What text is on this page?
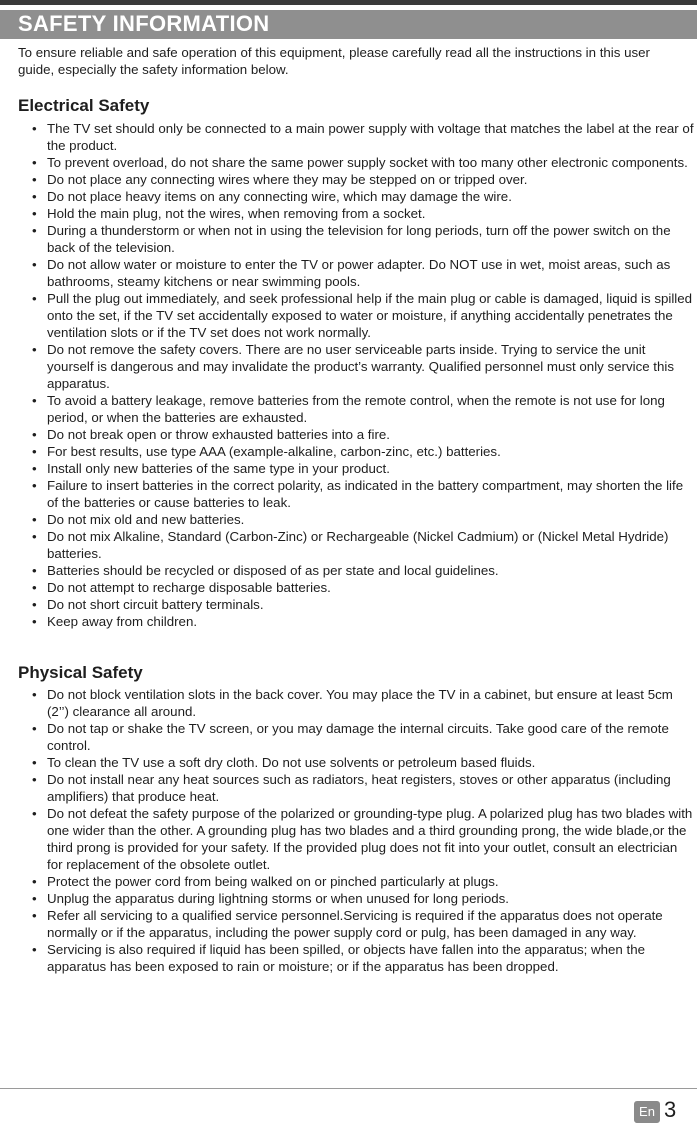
SAFETY INFORMATION

To ensure reliable and safe operation of this equipment, please carefully read all the instructions in this user guide, especially the safety information below.

Electrical Safety
• The TV set should only be connected to a main power supply with voltage that matches the label at the rear of the product.
• To prevent overload, do not share the same power supply socket with too many other electronic components.
• Do not place any connecting wires where they may be stepped on or tripped over.
• Do not place heavy items on any connecting wire, which may damage the wire.
• Hold the main plug, not the wires, when removing from a socket.
• During a thunderstorm or when not in using the television for long periods, turn off the power switch on the back of the television.
• Do not allow water or moisture to enter the TV or power adapter. Do NOT use in wet, moist areas, such as bathrooms, steamy kitchens or near swimming pools.
• Pull the plug out immediately, and seek professional help if the main plug or cable is damaged, liquid is spilled onto the set, if the TV set accidentally exposed to water or moisture, if anything accidentally penetrates the ventilation slots or if the TV set does not work normally.
• Do not remove the safety covers. There are no user serviceable parts inside. Trying to service the unit yourself is dangerous and may invalidate the product’s warranty. Qualified personnel must only service this apparatus.
• To avoid a battery leakage, remove batteries from the remote control, when the remote is not use for long period, or when the batteries are exhausted.
• Do not break open or throw exhausted batteries into a fire.
• For best results, use type AAA (example-alkaline, carbon-zinc, etc.) batteries.
• Install only new batteries of the same type in your product.
• Failure to insert batteries in the correct polarity, as indicated in the battery compartment, may shorten the life of the batteries or cause batteries to leak.
• Do not mix old and new batteries.
• Do not mix Alkaline, Standard (Carbon-Zinc) or Rechargeable (Nickel Cadmium) or (Nickel Metal Hydride) batteries.
• Batteries should be recycled or disposed of as per state and local guidelines.
• Do not attempt to recharge disposable batteries.
• Do not short circuit battery terminals.
• Keep away from children.
Physical Safety
• Do not block ventilation slots in the back cover. You may place the TV in a cabinet, but ensure at least 5cm (2’’) clearance all around.
• Do not tap or shake the TV screen, or you may damage the internal circuits. Take good care of the remote control.
• To clean the TV use a soft dry cloth. Do not use solvents or petroleum based fluids.
• Do not install near any heat sources such as radiators, heat registers, stoves or other apparatus (including amplifiers) that produce heat.
• Do not defeat the safety purpose of the polarized or grounding-type plug. A polarized plug has two blades with one wider than the other. A grounding plug has two blades and a third grounding prong, the wide blade,or the third prong is provided for your safety. If the provided plug does not fit into your outlet, consult an electrician for replacement of the obsolete outlet.
• Protect the power cord from being walked on or pinched particularly at plugs.
• Unplug the apparatus during lightning storms or when unused for long periods.
• Refer all servicing to a qualified service personnel.Servicing is required if the apparatus does not operate normally or if the apparatus, including the power supply cord or pulg, has been damaged in any way.
• Servicing is also required if liquid has been spilled, or objects have fallen into the apparatus; when the apparatus has been exposed to rain or moisture; or if the apparatus has been dropped.
En 3
